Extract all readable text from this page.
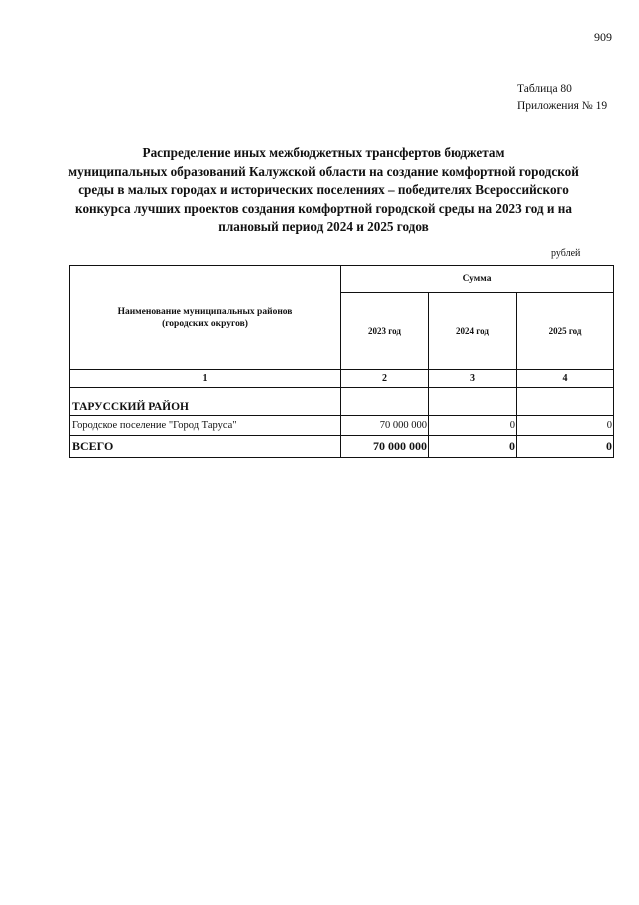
909
Таблица 80
Приложения № 19
Распределение иных межбюджетных трансфертов бюджетам
муниципальных образований Калужской области на создание комфортной городской
среды в малых городах и исторических поселениях – победителях Всероссийского
конкурса лучших проектов создания комфортной городской среды на 2023 год и на
плановый период 2024 и 2025 годов
рублей
Наименование муниципальных районов
(городских округов)	Сумма		
	2023 год	2024 год	2025 год
1	2	3	4
ТАРУССКИЙ РАЙОН			
Городское поселение "Город Таруса"	70 000 000	0	0
ВСЕГО	70 000 000	0	0
